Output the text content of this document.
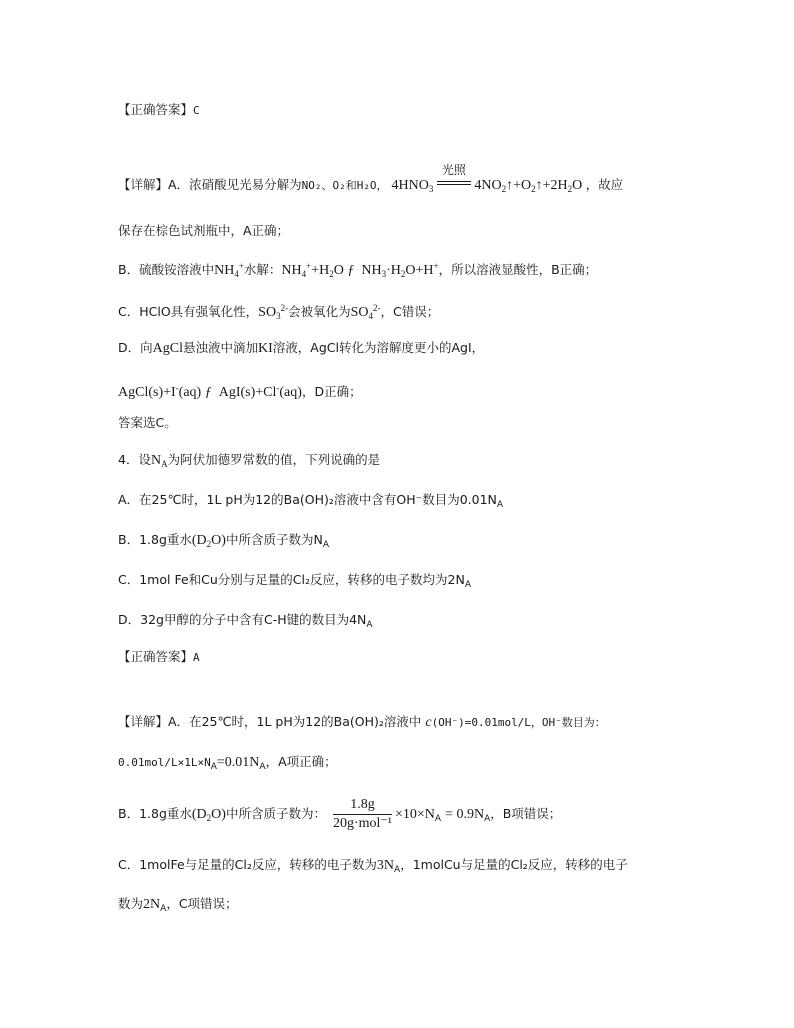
【正确答案】C
【详解】A．浓硝酸见光易分解为NO₂、O₂和H₂O， $4HNO_3$
光照
$4NO_2↑+O_2↑+2H_2O$ ，故应
保存在棕色试剂瓶中，A正确；
B．硫酸铵溶液中$NH_4^+$水解：$NH_4^++H_2O$ ƒ  $NH_3\cdot H_2O+H^+$，所以溶液显酸性，B正确；
C．HClO具有强氧化性，$SO_3^{2-}$会被氧化为$SO_4^{2-}$，C错误；
D．向AgCl悬浊液中滴加KI溶液，AgCl转化为溶解度更小的AgI，
AgCl(s)+I-(aq) ƒ  AgI(s)+Cl-(aq)，D正确；
答案选C。
4．设$N_A$为阿伏加德罗常数的值，下列说确的是
A．在25℃时，1L pH为12的Ba(OH)₂溶液中含有OH⁻数目为$0.01N_A$
B．1.8g重水$(D_2O)$中所含质子数为$N_A$
C．1mol Fe和Cu分别与足量的Cl₂反应，转移的电子数均为$2N_A$
D．32g甲醇的分子中含有C-H键的数目为$4N_A$
【正确答案】A
【详解】A．在25℃时，1L pH为12的Ba(OH)₂溶液中 c(OH⁻)=0.01mol/L，OH⁻数目为：
$0.01mol/L\times 1L\times N_A=0.01N_A$，A项正确；
B．1.8g重水$(D_2O)$中所含质子数为： $\frac{1.8g}{\text{20g·mol⁻¹}} \times 10\times N_A = 0.9N_A$，B项错误；
C．1molFe与足量的Cl₂反应，转移的电子数为$3N_A$，1molCu与足量的Cl₂反应，转移的电子
数为$2N_A$，C项错误；
